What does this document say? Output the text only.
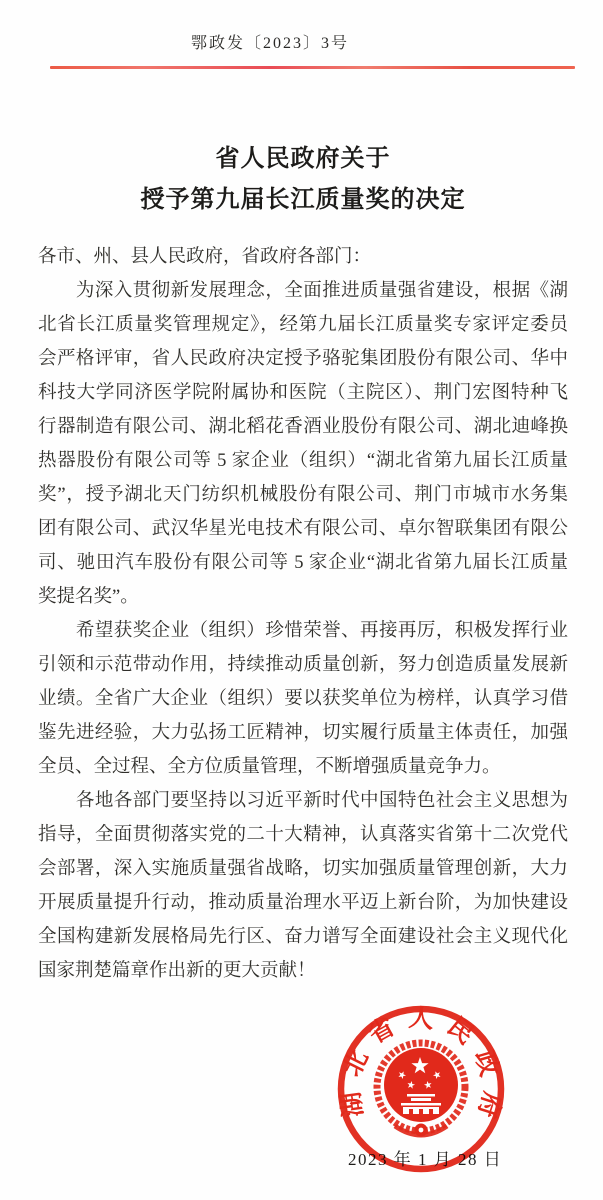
鄂政发〔2023〕3号
省人民政府关于
授予第九届长江质量奖的决定
各市、州、县人民政府，省政府各部门：
　　为深入贯彻新发展理念，全面推进质量强省建设，根据《湖
北省长江质量奖管理规定》，经第九届长江质量奖专家评定委员
会严格评审，省人民政府决定授予骆驼集团股份有限公司、华中
科技大学同济医学院附属协和医院（主院区）、荆门宏图特种飞
行器制造有限公司、湖北稻花香酒业股份有限公司、湖北迪峰换
热器股份有限公司等 5 家企业（组织）“湖北省第九届长江质量
奖”，授予湖北天门纺织机械股份有限公司、荆门市城市水务集
团有限公司、武汉华星光电技术有限公司、卓尔智联集团有限公
司、驰田汽车股份有限公司等 5 家企业“湖北省第九届长江质量
奖提名奖”。
　　希望获奖企业（组织）珍惜荣誉、再接再厉，积极发挥行业
引领和示范带动作用，持续推动质量创新，努力创造质量发展新
业绩。全省广大企业（组织）要以获奖单位为榜样，认真学习借
鉴先进经验，大力弘扬工匠精神，切实履行质量主体责任，加强
全员、全过程、全方位质量管理，不断增强质量竞争力。
　　各地各部门要坚持以习近平新时代中国特色社会主义思想为
指导，全面贯彻落实党的二十大精神，认真落实省第十二次党代
会部署，深入实施质量强省战略，切实加强质量管理创新，大力
开展质量提升行动，推动质量治理水平迈上新台阶，为加快建设
全国构建新发展格局先行区、奋力谱写全面建设社会主义现代化
国家荆楚篇章作出新的更大贡献！
2023 年 1 月 28 日
湖北省人民政府
